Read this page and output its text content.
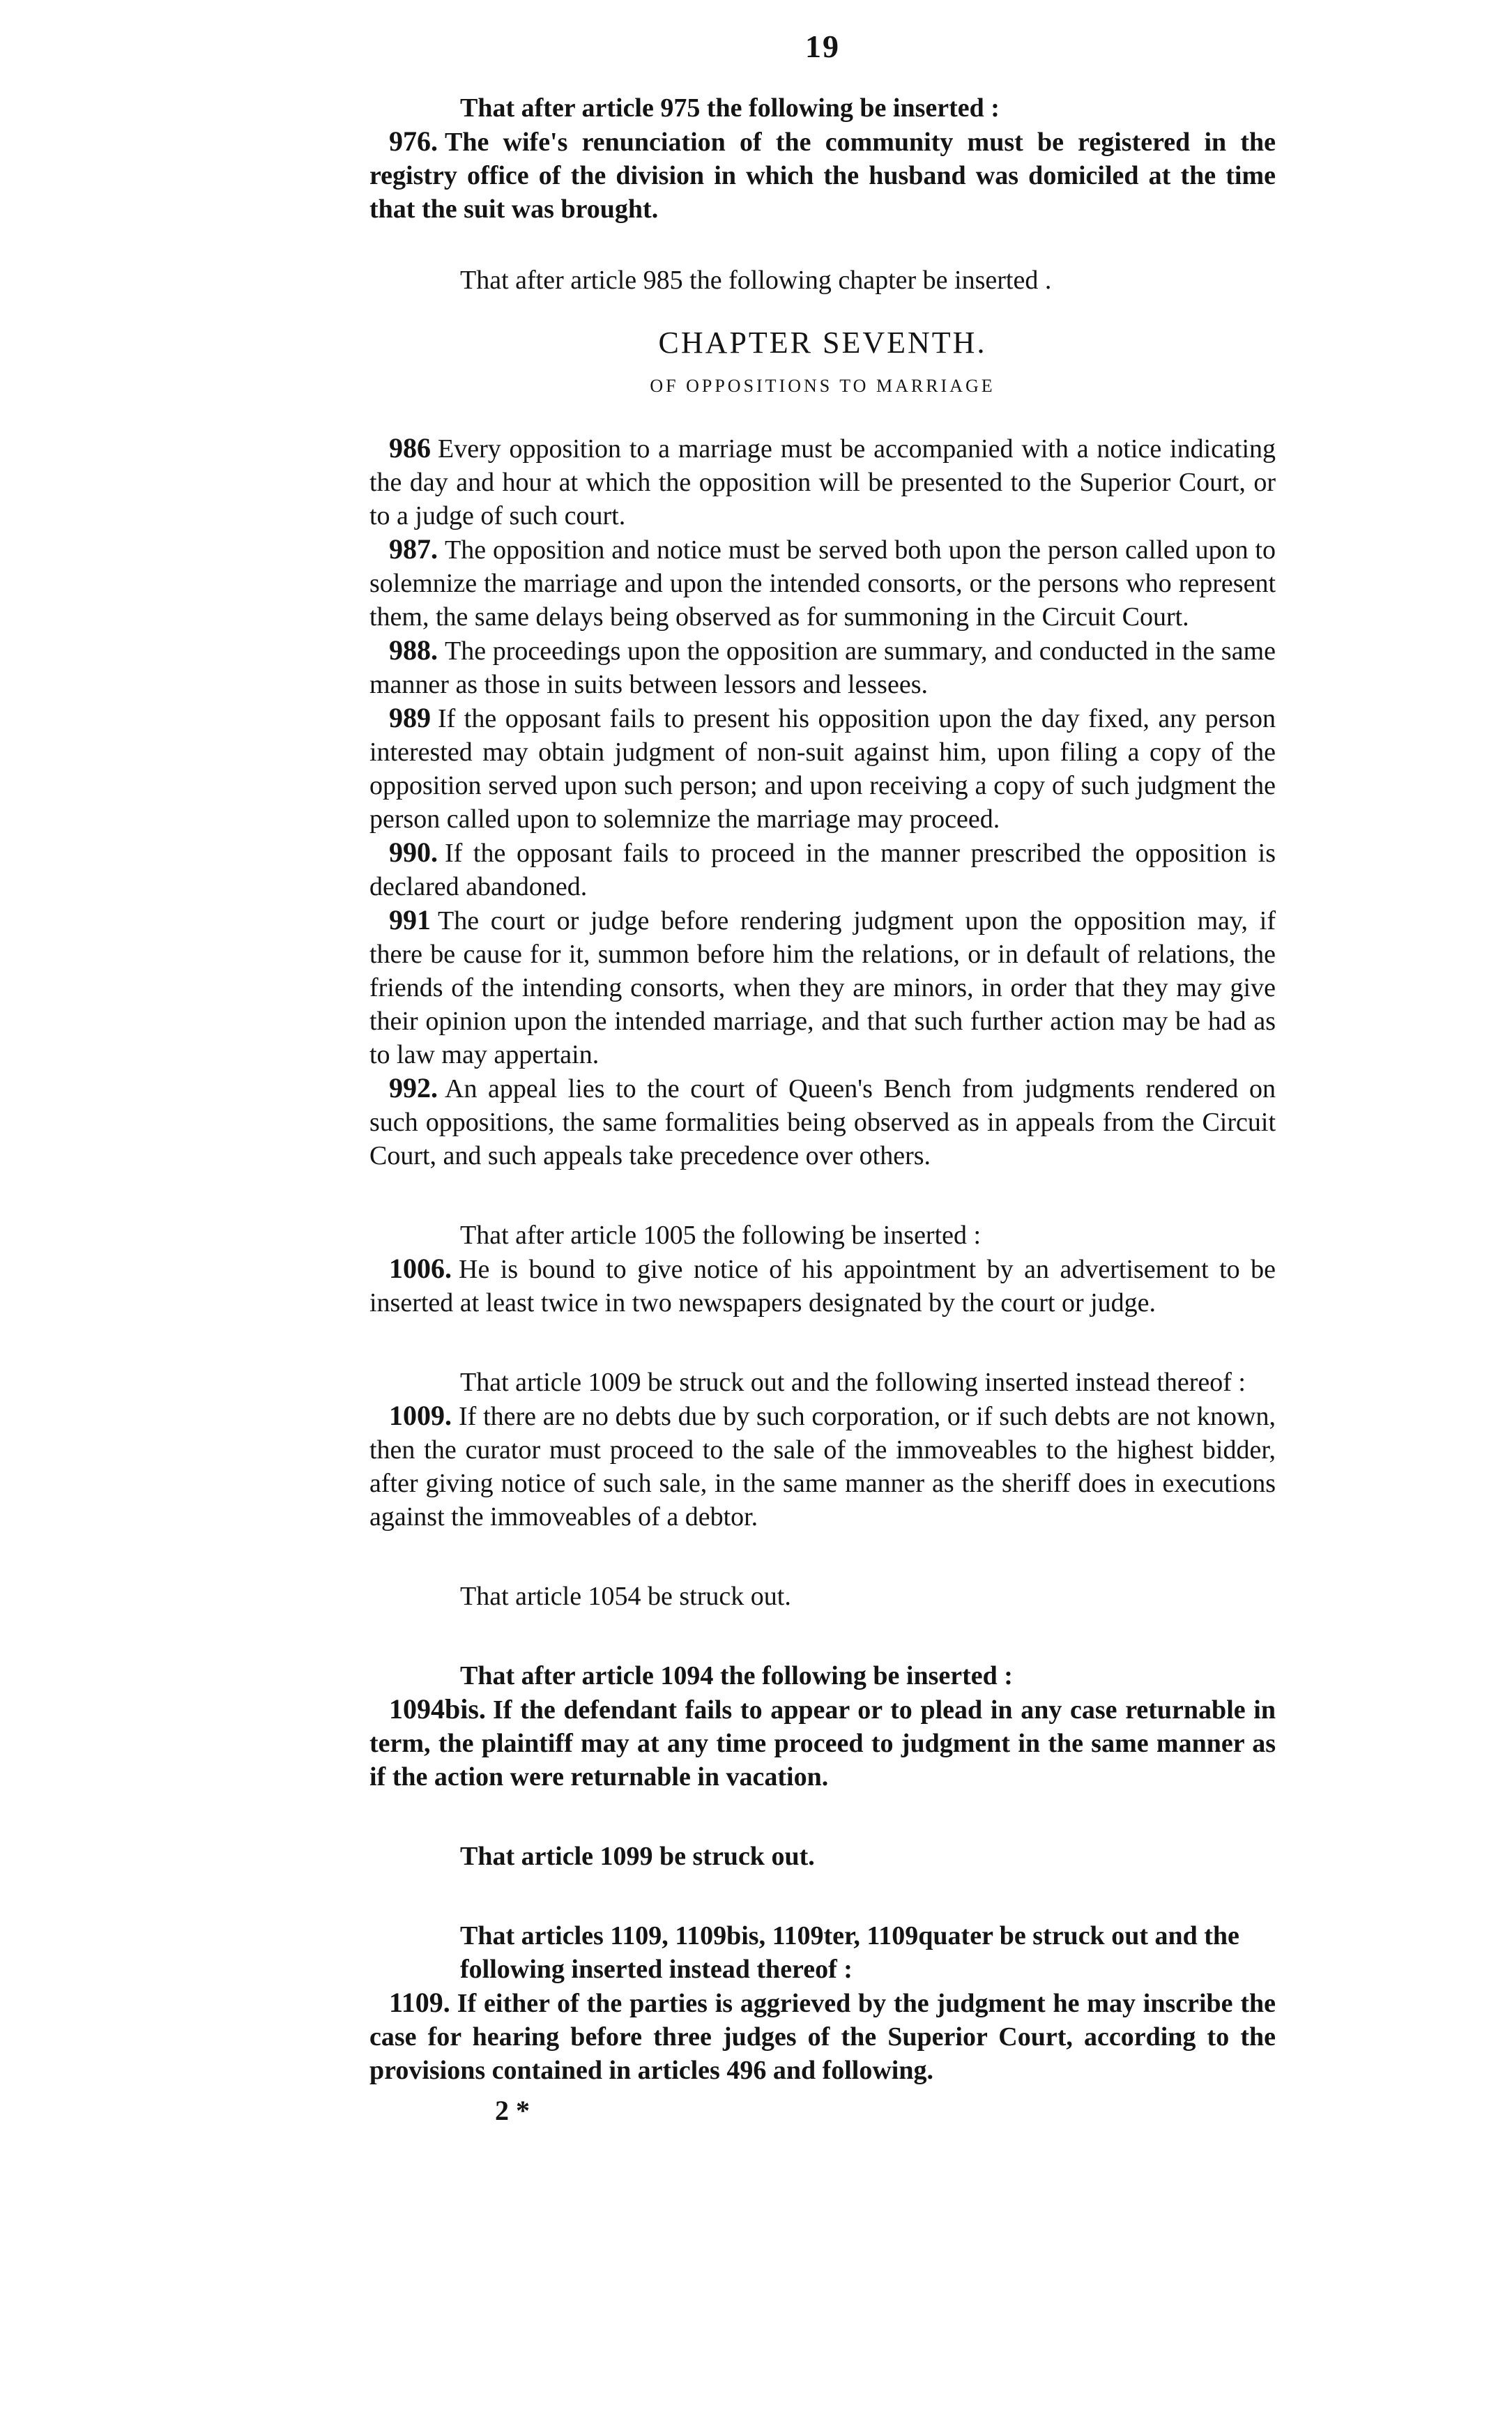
19

That after article 975 the following be inserted :

976. The wife's renunciation of the community must be registered in the registry office of the division in which the husband was domiciled at the time that the suit was brought.

That after article 985 the following chapter be inserted .

CHAPTER SEVENTH.
OF OPPOSITIONS TO MARRIAGE

986 Every opposition to a marriage must be accompanied with a notice indicating the day and hour at which the opposition will be presented to the Superior Court, or to a judge of such court.

987. The opposition and notice must be served both upon the person called upon to solemnize the marriage and upon the intended consorts, or the persons who represent them, the same delays being observed as for summoning in the Circuit Court.

988. The proceedings upon the opposition are summary, and conducted in the same manner as those in suits between lessors and lessees.

989 If the opposant fails to present his opposition upon the day fixed, any person interested may obtain judgment of non-suit against him, upon filing a copy of the opposition served upon such person; and upon receiving a copy of such judgment the person called upon to solemnize the marriage may proceed.

990. If the opposant fails to proceed in the manner prescribed the opposition is declared abandoned.

991 The court or judge before rendering judgment upon the opposition may, if there be cause for it, summon before him the relations, or in default of relations, the friends of the intending consorts, when they are minors, in order that they may give their opinion upon the intended marriage, and that such further action may be had as to law may appertain.

992. An appeal lies to the court of Queen's Bench from judgments rendered on such oppositions, the same formalities being observed as in appeals from the Circuit Court, and such appeals take precedence over others.

That after article 1005 the following be inserted :

1006. He is bound to give notice of his appointment by an advertisement to be inserted at least twice in two newspapers designated by the court or judge.

That article 1009 be struck out and the following inserted instead thereof :

1009. If there are no debts due by such corporation, or if such debts are not known, then the curator must proceed to the sale of the immoveables to the highest bidder, after giving notice of such sale, in the same manner as the sheriff does in executions against the immoveables of a debtor.

That article 1054 be struck out.

That after article 1094 the following be inserted :

1094bis. If the defendant fails to appear or to plead in any case returnable in term, the plaintiff may at any time proceed to judgment in the same manner as if the action were returnable in vacation.

That article 1099 be struck out.

That articles 1109, 1109bis, 1109ter, 1109quater be struck out and the following inserted instead thereof :

1109. If either of the parties is aggrieved by the judgment he may inscribe the case for hearing before three judges of the Superior Court, according to the provisions contained in articles 496 and following.

2 *
